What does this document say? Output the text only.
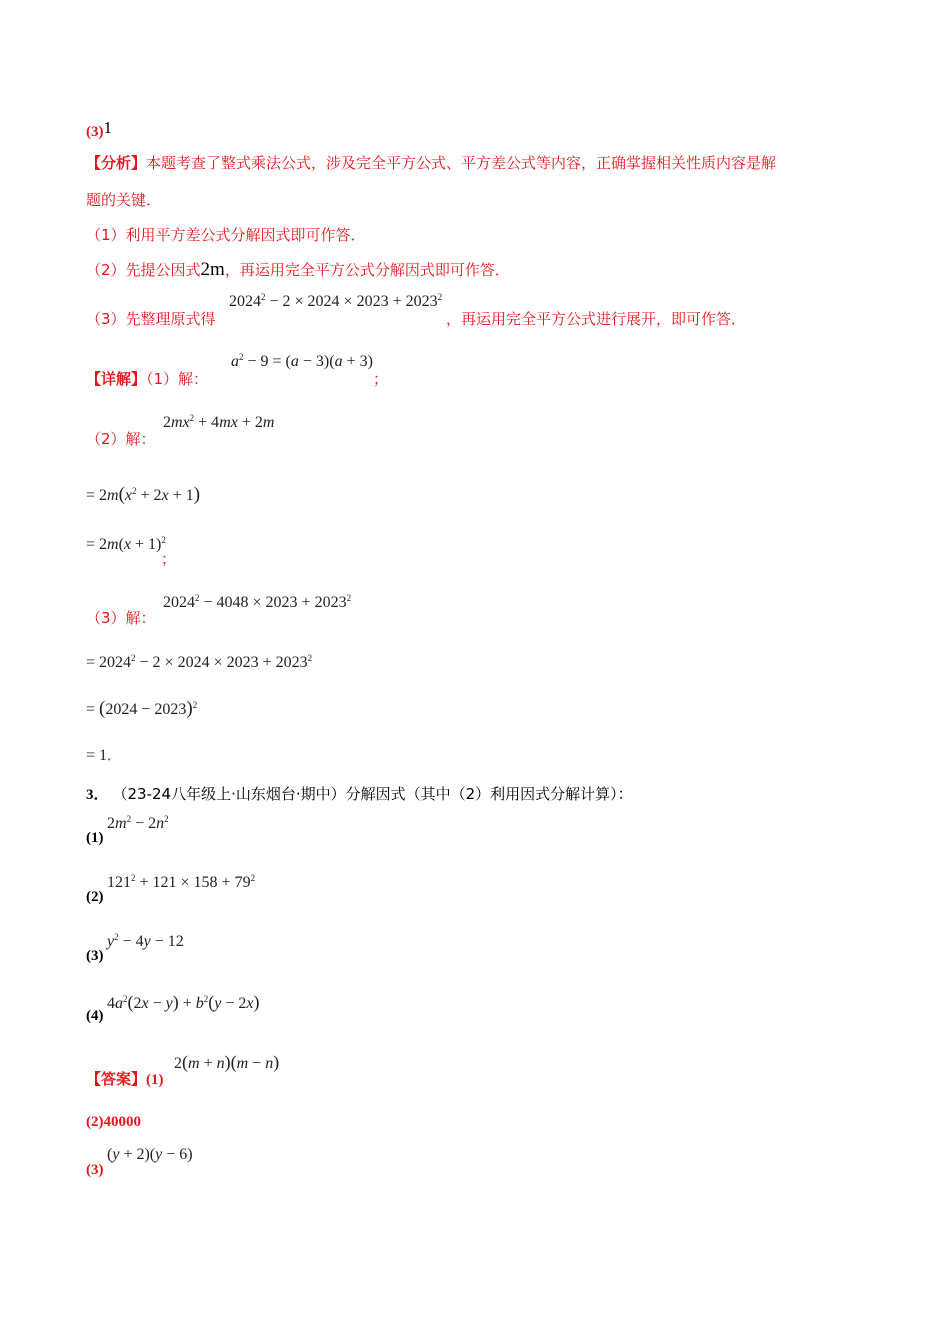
(3)1
【分析】本题考查了整式乘法公式，涉及完全平方公式、平方差公式等内容，正确掌握相关性质内容是解
题的关键．
（1）利用平方差公式分解因式即可作答．
（2）先提公因式2m，再运用完全平方公式分解因式即可作答．
（3）先整理原式得
$2024^2 - 2 \times 2024 \times 2023 + 2023^2$
，再运用完全平方公式进行展开，即可作答．
【详解】（1）解：
$a^2 - 9 = (a - 3)(a + 3)$
；
（2）解：
$2mx^2 + 4mx + 2m$
= $2m(x^2 + 2x + 1)$
= $2m(x + 1)^2$
；
（3）解：
$2024^2 - 4048 \times 2023 + 2023^2$
= $2024^2 - 2 \times 2024 \times 2023 + 2023^2$
= $(2024 - 2023)^2$
= 1．
3． （23-24八年级上·山东烟台·期中）分解因式（其中（2）利用因式分解计算）：
(1)
$2m^2 - 2n^2$
(2)
$121^2 + 121 \times 158 + 79^2$
(3)
$y^2 - 4y - 12$
(4)
$4a^2(2x - y) + b^2(y - 2x)$
【答案】(1)
2(m + n)(m − n)
(2)40000
(3)
(y + 2)(y − 6)
